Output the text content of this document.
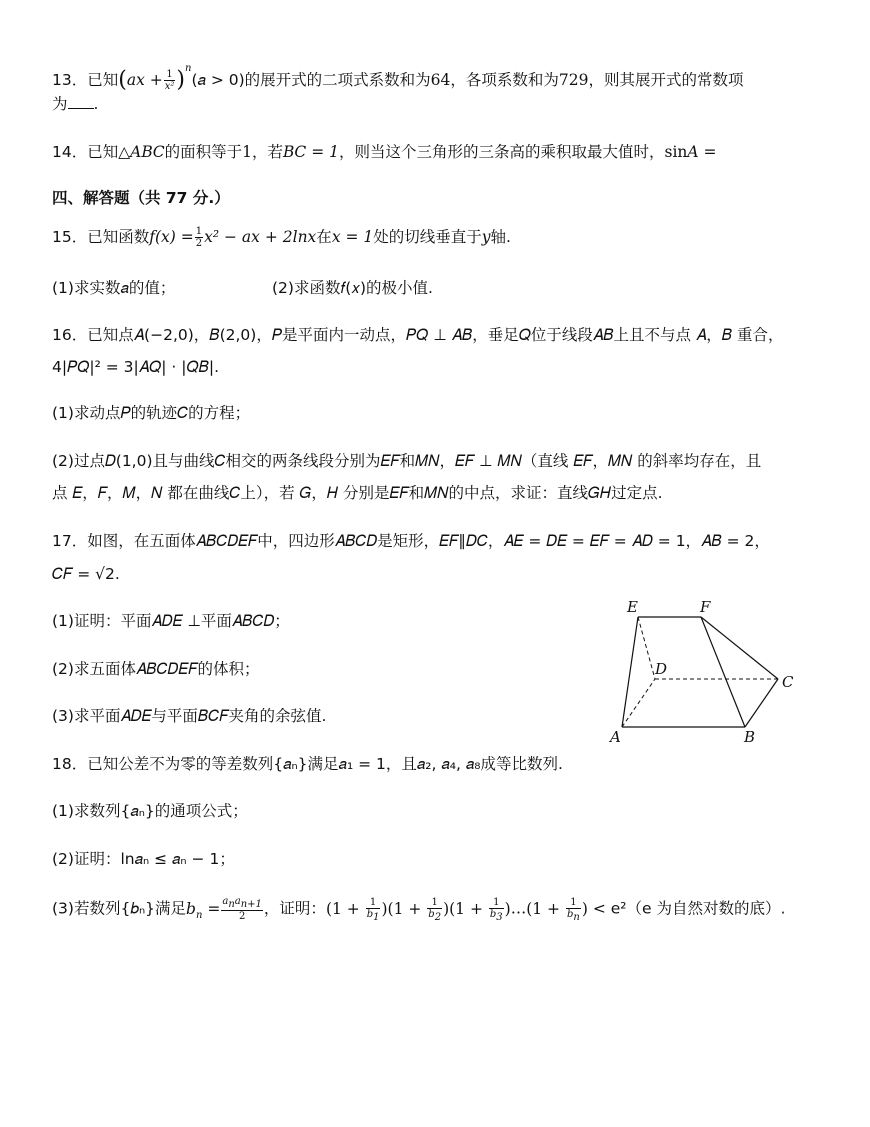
13．已知($ax + \frac{1}{\text{x²}}$ )$^n$(𝑎 > 0)的展开式的二项式系数和为64，各项系数和为729，则其展开式的常数项
为 .
14．已知△𝐴𝐵𝐶的面积等于1，若𝐵𝐶 = 1，则当这个三角形的三条高的乘积取最大值时，sin𝐴 =
四、解答题（共 77 分.）
15．已知函数𝑓(𝑥) = $\frac{1}{2}$ 𝑥² − 𝑎𝑥 + 2ln𝑥在𝑥 = 1处的切线垂直于𝑦轴.
(1)求实数𝑎的值；	(2)求函数𝑓(𝑥)的极小值.
16．已知点𝐴(−2,0)，𝐵(2,0)，𝑃是平面内一动点，𝑃𝑄 ⊥ 𝐴𝐵，垂足𝑄位于线段𝐴𝐵上且不与点 𝐴，𝐵 重合，
4|𝑃𝑄|² = 3|𝐴𝑄| · |𝑄𝐵|.
(1)求动点𝑃的轨迹𝐶的方程；
(2)过点𝐷(1,0)且与曲线𝐶相交的两条线段分别为𝐸𝐹和𝑀𝑁，𝐸𝐹 ⊥ 𝑀𝑁（直线 𝐸𝐹，𝑀𝑁 的斜率均存在，且
点 𝐸，𝐹，𝑀，𝑁 都在曲线𝐶上），若 𝐺，𝐻 分别是𝐸𝐹和𝑀𝑁的中点，求证：直线𝐺𝐻过定点.
17．如图，在五面体𝐴𝐵𝐶𝐷𝐸𝐹中，四边形𝐴𝐵𝐶𝐷是矩形，𝐸𝐹∥𝐷𝐶，𝐴𝐸 = 𝐷𝐸 = 𝐸𝐹 = 𝐴𝐷 = 1，𝐴𝐵 = 2，
𝐶𝐹 = √2.
(1)证明：平面𝐴𝐷𝐸 ⊥平面𝐴𝐵𝐶𝐷；
(2)求五面体𝐴𝐵𝐶𝐷𝐸𝐹的体积；
(3)求平面𝐴𝐷𝐸与平面𝐵𝐶𝐹夹角的余弦值.
E	F
D
C
A	B
18．已知公差不为零的等差数列{𝑎ₙ}满足𝑎₁ = 1，且𝑎₂, 𝑎₄, 𝑎₈成等比数列.
(1)求数列{𝑎ₙ}的通项公式；
(2)证明：ln𝑎ₙ ≤ 𝑎ₙ − 1；
(3)若数列{𝑏ₙ}满足$b_n = \frac{a_na_{n+1}}{2}$ ，证明：$(1 + \frac{1}{b_1} )(1 + \frac{1}{b_2} )(1 + \frac{1}{b_3}$ )…(1 + $\frac{1}{b_n}$ ) < e²（e 为自然对数的底）.
